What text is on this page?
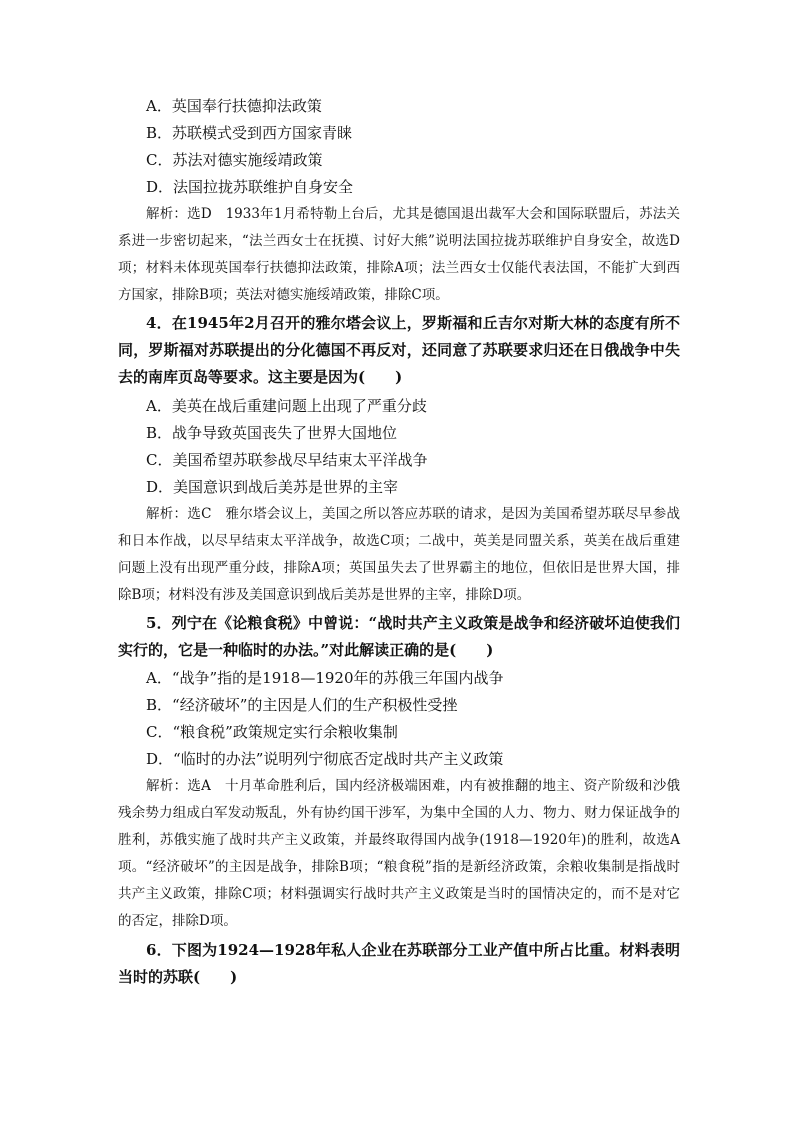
A．英国奉行扶德抑法政策
B．苏联模式受到西方国家青睐
C．苏法对德实施绥靖政策
D．法国拉拢苏联维护自身安全
解析：选D　1933年1月希特勒上台后，尤其是德国退出裁军大会和国际联盟后，苏法关系进一步密切起来，“法兰西女士在抚摸、讨好大熊”说明法国拉拢苏联维护自身安全，故选D项；材料未体现英国奉行扶德抑法政策，排除A项；法兰西女士仅能代表法国，不能扩大到西方国家，排除B项；英法对德实施绥靖政策，排除C项。
4．在1945年2月召开的雅尔塔会议上，罗斯福和丘吉尔对斯大林的态度有所不同，罗斯福对苏联提出的分化德国不再反对，还同意了苏联要求归还在日俄战争中失去的南库页岛等要求。这主要是因为(　　)
A．美英在战后重建问题上出现了严重分歧
B．战争导致英国丧失了世界大国地位
C．美国希望苏联参战尽早结束太平洋战争
D．美国意识到战后美苏是世界的主宰
解析：选C　雅尔塔会议上，美国之所以答应苏联的请求，是因为美国希望苏联尽早参战和日本作战，以尽早结束太平洋战争，故选C项；二战中，英美是同盟关系，英美在战后重建问题上没有出现严重分歧，排除A项；英国虽失去了世界霸主的地位，但依旧是世界大国，排除B项；材料没有涉及美国意识到战后美苏是世界的主宰，排除D项。
5．列宁在《论粮食税》中曾说：“战时共产主义政策是战争和经济破坏迫使我们实行的，它是一种临时的办法。”对此解读正确的是(　　)
A．“战争”指的是1918—1920年的苏俄三年国内战争
B．“经济破坏”的主因是人们的生产积极性受挫
C．“粮食税”政策规定实行余粮收集制
D．“临时的办法”说明列宁彻底否定战时共产主义政策
解析：选A　十月革命胜利后，国内经济极端困难，内有被推翻的地主、资产阶级和沙俄残余势力组成白军发动叛乱，外有协约国干涉军，为集中全国的人力、物力、财力保证战争的胜利，苏俄实施了战时共产主义政策，并最终取得国内战争(1918—1920年)的胜利，故选A项。“经济破坏”的主因是战争，排除B项；“粮食税”指的是新经济政策，余粮收集制是指战时共产主义政策，排除C项；材料强调实行战时共产主义政策是当时的国情决定的，而不是对它的否定，排除D项。
6．下图为1924—1928年私人企业在苏联部分工业产值中所占比重。材料表明当时的苏联(　　)
